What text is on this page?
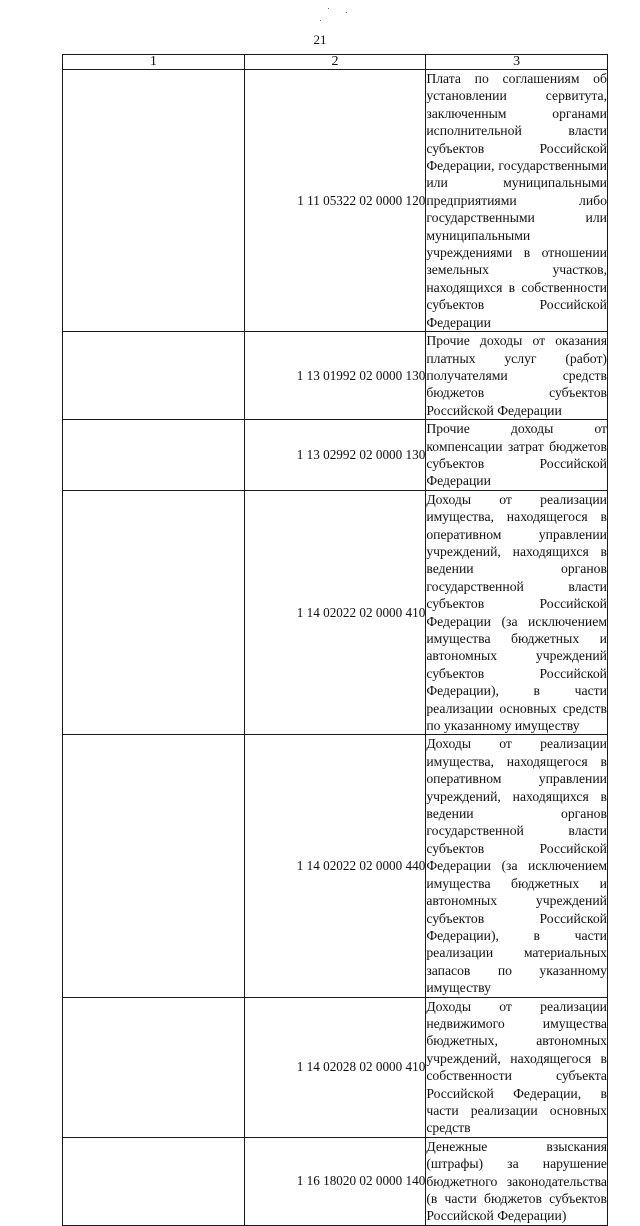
21
1	2	3
	1 11 05322 02 0000 120	Плата по соглашениям об установлении сервитута, заключенным органами исполнительной власти субъектов Российской Федерации, государственными или муниципальными предприятиями либо государственными или муниципальными учреждениями в отношении земельных участков, находящихся в собственности субъектов Российской Федерации
	1 13 01992 02 0000 130	Прочие доходы от оказания платных услуг (работ) получателями средств бюджетов субъектов Российской Федерации
	1 13 02992 02 0000 130	Прочие доходы от компенсации затрат бюджетов субъектов Российской Федерации
	1 14 02022 02 0000 410	Доходы от реализации имущества, находящегося в оперативном управлении учреждений, находящихся в ведении органов государственной власти субъектов Российской Федерации (за исключением имущества бюджетных и автономных учреждений субъектов Российской Федерации), в части реализации основных средств по указанному имуществу
	1 14 02022 02 0000 440	Доходы от реализации имущества, находящегося в оперативном управлении учреждений, находящихся в ведении органов государственной власти субъектов Российской Федерации (за исключением имущества бюджетных и автономных учреждений субъектов Российской Федерации), в части реализации материальных запасов по указанному имуществу
	1 14 02028 02 0000 410	Доходы от реализации недвижимого имущества бюджетных, автономных учреждений, находящегося в собственности субъекта Российской Федерации, в части реализации основных средств
	1 16 18020 02 0000 140	Денежные взыскания (штрафы) за нарушение бюджетного законодательства (в части бюджетов субъектов Российской Федерации)
